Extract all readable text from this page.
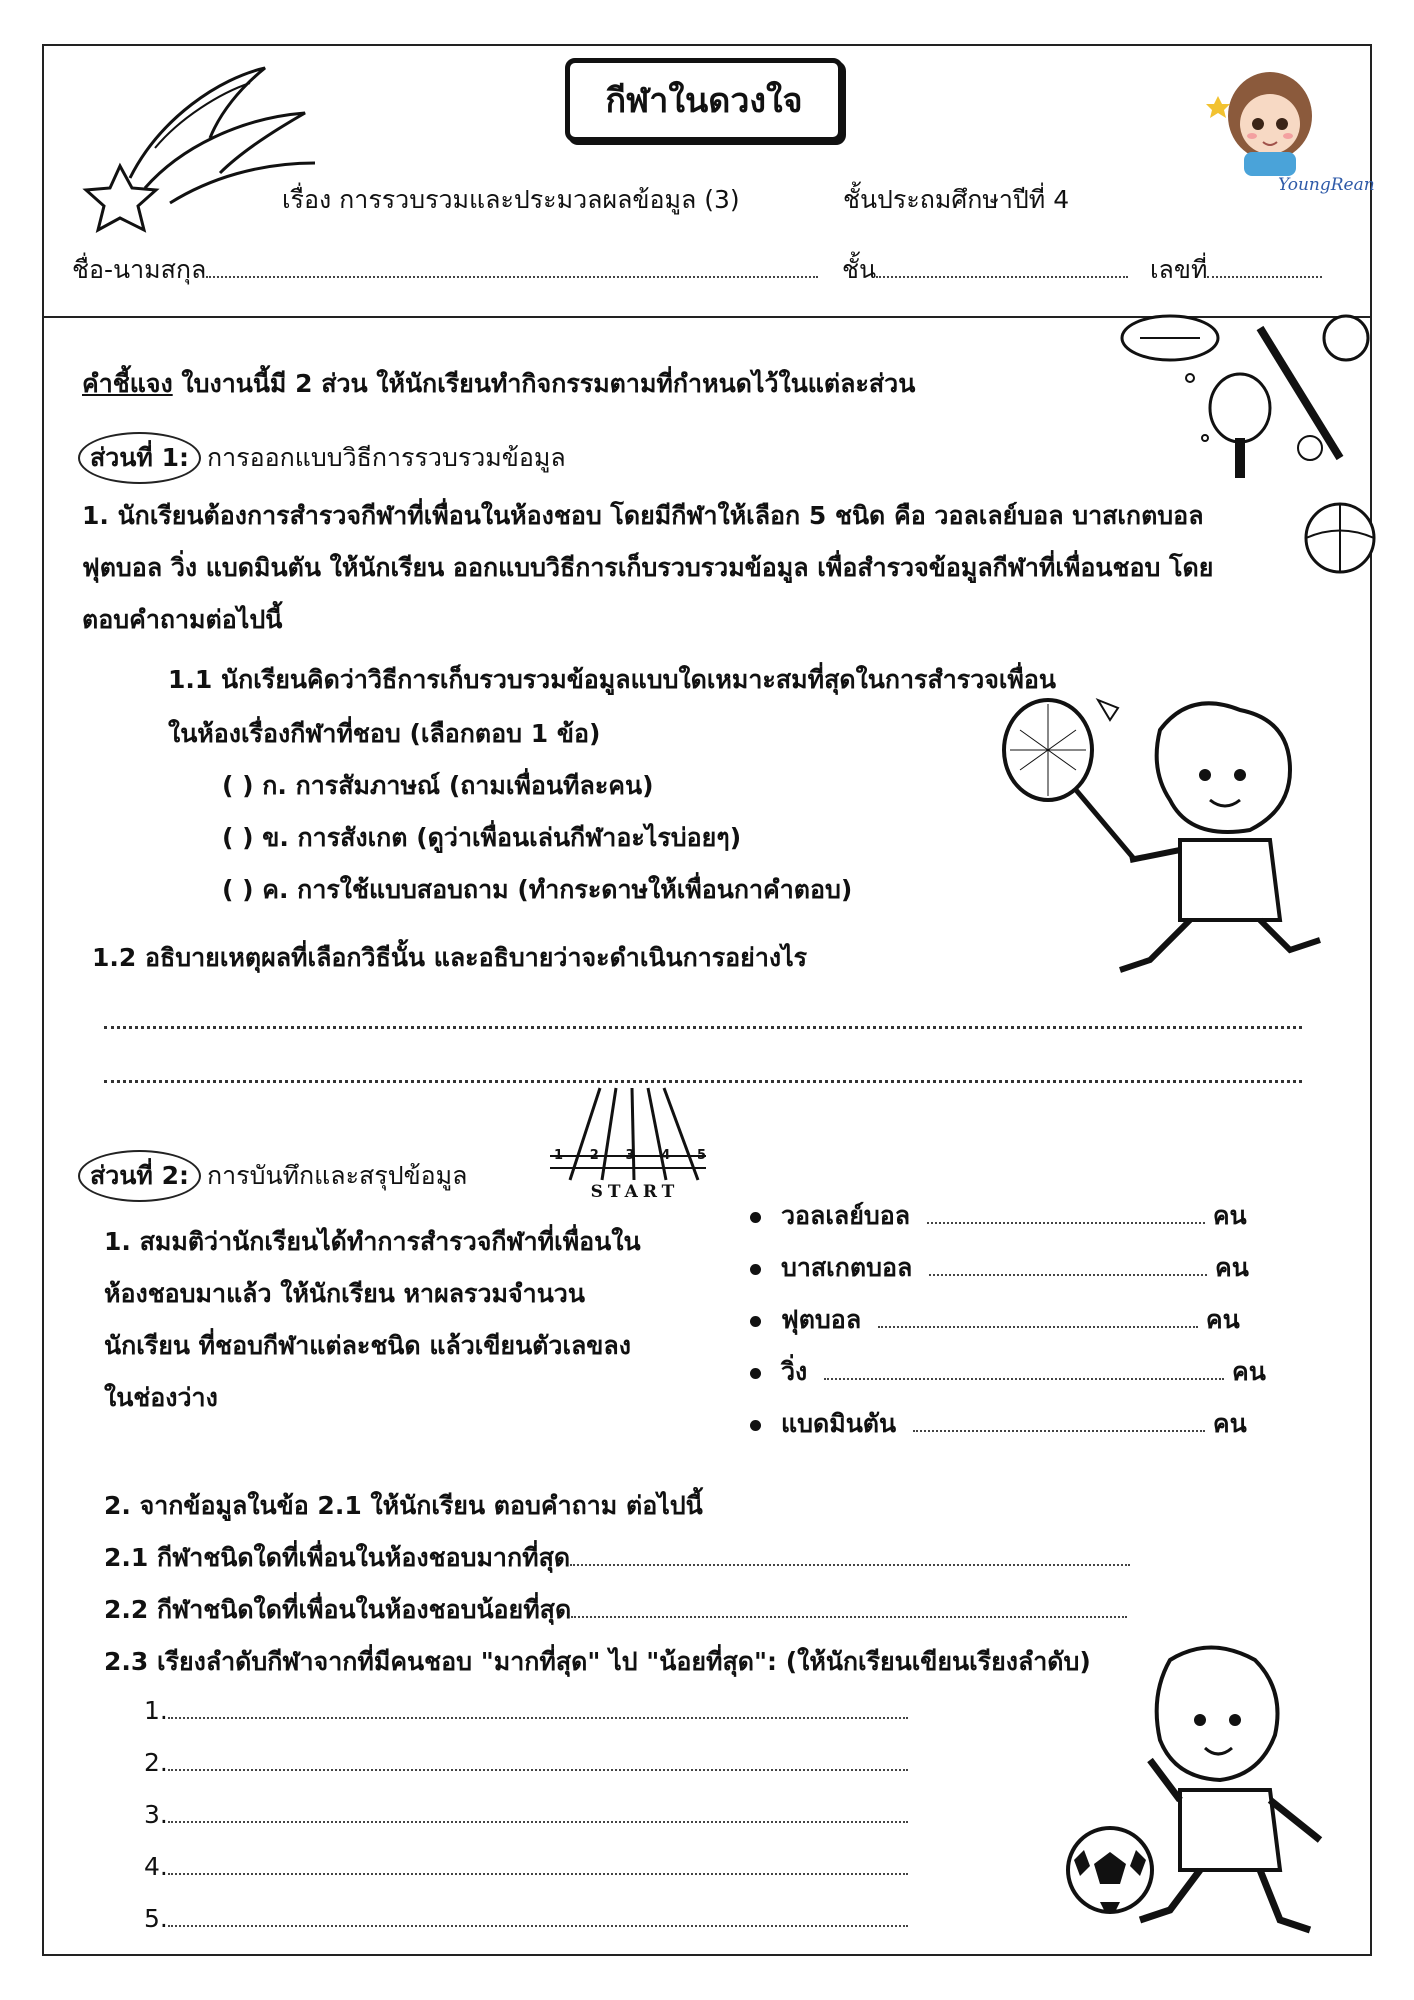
กีฬาในดวงใจ
YoungRean
เรื่อง การรวบรวมและประมวลผลข้อมูล (3)	ชั้นประถมศึกษาปีที่ 4
ชื่อ-นามสกุล	ชั้น	เลขที่
คำชี้แจง ใบงานนี้มี 2 ส่วน ให้นักเรียนทำกิจกรรมตามที่กำหนดไว้ในแต่ละส่วน
ส่วนที่ 1: การออกแบบวิธีการรวบรวมข้อมูล
1. นักเรียนต้องการสำรวจกีฬาที่เพื่อนในห้องชอบ โดยมีกีฬาให้เลือก 5 ชนิด คือ วอลเลย์บอล บาสเกตบอล
ฟุตบอล วิ่ง แบดมินตัน ให้นักเรียน ออกแบบวิธีการเก็บรวบรวมข้อมูล เพื่อสำรวจข้อมูลกีฬาที่เพื่อนชอบ โดย
ตอบคำถามต่อไปนี้
1.1 นักเรียนคิดว่าวิธีการเก็บรวบรวมข้อมูลแบบใดเหมาะสมที่สุดในการสำรวจเพื่อน
ในห้องเรื่องกีฬาที่ชอบ (เลือกตอบ 1 ข้อ)
( ) ก. การสัมภาษณ์ (ถามเพื่อนทีละคน)
( ) ข. การสังเกต (ดูว่าเพื่อนเล่นกีฬาอะไรบ่อยๆ)
( ) ค. การใช้แบบสอบถาม (ทำกระดาษให้เพื่อนกาคำตอบ)
1.2 อธิบายเหตุผลที่เลือกวิธีนั้น และอธิบายว่าจะดำเนินการอย่างไร
ส่วนที่ 2: การบันทึกและสรุปข้อมูล
1 2 3 4 5
START
1. สมมติว่านักเรียนได้ทำการสำรวจกีฬาที่เพื่อนใน
ห้องชอบมาแล้ว ให้นักเรียน หาผลรวมจำนวน
นักเรียน ที่ชอบกีฬาแต่ละชนิด แล้วเขียนตัวเลขลง
ในช่องว่าง
วอลเลย์บอล	คน
บาสเกตบอล	คน
ฟุตบอล	คน
วิ่ง	คน
แบดมินตัน	คน
2. จากข้อมูลในข้อ 2.1 ให้นักเรียน ตอบคำถาม ต่อไปนี้
2.1 กีฬาชนิดใดที่เพื่อนในห้องชอบมากที่สุด
2.2 กีฬาชนิดใดที่เพื่อนในห้องชอบน้อยที่สุด
2.3 เรียงลำดับกีฬาจากที่มีคนชอบ "มากที่สุด" ไป "น้อยที่สุด": (ให้นักเรียนเขียนเรียงลำดับ)
1.
2.
3.
4.
5.
